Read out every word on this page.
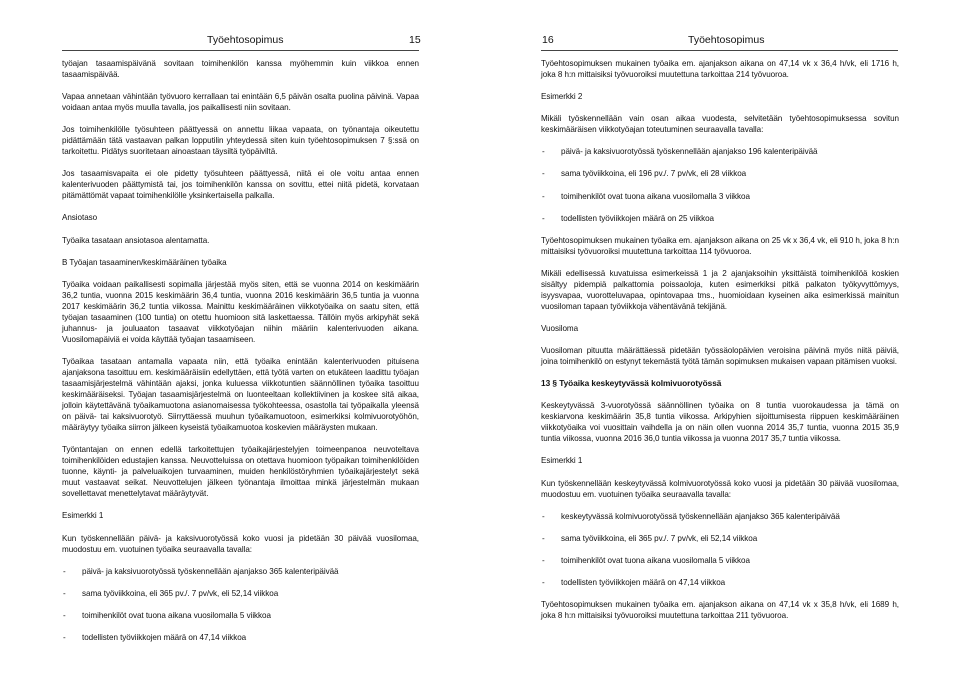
Työehtosopimus	15

työajan tasaamispäivänä sovitaan toimihenkilön kanssa myöhemmin kuin viikkoa ennen tasaamispäivää.

Vapaa annetaan vähintään työvuoro kerrallaan tai enintään 6,5 päivän osalta puolina päivinä. Vapaa voidaan antaa myös muulla tavalla, jos paikallisesti niin sovitaan.

Jos toimihenkilölle työsuhteen päättyessä on annettu liikaa vapaata, on työnantaja oikeutettu pidättämään tätä vastaavan palkan lopputilin yhteydessä siten kuin työehtosopimuksen 7 §:ssä on tarkoitettu. Pidätys suoritetaan ainoastaan täysiltä työpäiviltä.

Jos tasaamisvapaita ei ole pidetty työsuhteen päättyessä, niitä ei ole voitu antaa ennen kalenterivuoden päättymistä tai, jos toimihenkilön kanssa on sovittu, ettei niitä pidetä, korvataan pitämättömät vapaat toimihenkilölle yksinkertaisella palkalla.

Ansiotaso

Työaika tasataan ansiotasoa alentamatta.

B Työajan tasaaminen/keskimääräinen työaika

Työaika voidaan paikallisesti sopimalla järjestää myös siten, että se vuonna 2014 on keskimäärin 36,2 tuntia, vuonna 2015 keskimäärin 36,4 tuntia, vuonna 2016 keskimäärin 36,5 tuntia ja vuonna 2017 keskimäärin 36,2 tuntia viikossa. Mainittu keskimääräinen viikkotyöaika on saatu siten, että työajan tasaaminen (100 tuntia) on otettu huomioon sitä laskettaessa. Tällöin myös arkipyhät sekä juhannus- ja jouluaaton tasaavat viikkotyöajan niihin määriin kalenterivuoden aikana. Vuosilomapäiviä ei voida käyttää työajan tasaamiseen.

Työaikaa tasataan antamalla vapaata niin, että työaika enintään kalenterivuoden pituisena ajanjaksona tasoittuu em. keskimääräisiin edellyttäen, että työtä varten on etukäteen laadittu työajan tasaamisjärjestelmä vähintään ajaksi, jonka kuluessa viikkotuntien säännöllinen työaika tasoittuu keskimääräiseksi. Työajan tasaamisjärjestelmä on luonteeltaan kollektiivinen ja koskee sitä aikaa, jolloin käytettävänä työaikamuotona asianomaisessa työkohteessa, osastolla tai työpaikalla yleensä on päivä- tai kaksivuorotyö. Siirryttäessä muuhun työaikamuotoon, esimerkiksi kolmivuorotyöhön, määräytyy työaika siirron jälkeen kyseistä työaikamuotoa koskevien määräysten mukaan.

Työntantajan on ennen edellä tarkoitettujen työaikajärjestelyjen toimeenpanoa neuvoteltava toimihenkilöiden edustajien kanssa. Neuvotteluissa on otettava huomioon työpaikan toimihenkilöiden tuonne, käynti- ja palveluaikojen turvaaminen, muiden henkilöstöryhmien työaikajärjestelyt sekä muut vastaavat seikat. Neuvottelujen jälkeen työnantaja ilmoittaa minkä järjestelmän mukaan sovellettavat menettelytavat määräytyvät.

Esimerkki 1

Kun työskennellään päivä- ja kaksivuorotyössä koko vuosi ja pidetään 30 päivää vuosilomaa, muodostuu em. vuotuinen työaika seuraavalla tavalla:

- päivä- ja kaksivuorotyössä työskennellään ajanjakso 365 kalenteripäivää
- sama työviikkoina, eli 365 pv./. 7 pv/vk, eli 52,14 viikkoa
- toimihenkilöt ovat tuona aikana vuosilomalla 5 viikkoa
- todellisten työviikkojen määrä on 47,14 viikkoa
16	Työehtosopimus

Työehtosopimuksen mukainen työaika em. ajanjakson aikana on 47,14 vk x 36,4 h/vk, eli 1716 h, joka 8 h:n mittaisiksi työvuoroiksi muutettuna tarkoittaa 214 työvuoroa.

Esimerkki 2

Mikäli työskennellään vain osan aikaa vuodesta, selvitetään työehtosopimuksessa sovitun keskimääräisen viikkotyöajan toteutuminen seuraavalla tavalla:

- päivä- ja kaksivuorotyössä työskennellään ajanjakso 196 kalenteripäivää
- sama työviikkoina, eli 196 pv./. 7 pv/vk, eli 28 viikkoa
- toimihenkilöt ovat tuona aikana vuosilomalla 3 viikkoa
- todellisten työviikkojen määrä on 25 viikkoa

Työehtosopimuksen mukainen työaika em. ajanjakson aikana on 25 vk x 36,4 vk, eli 910 h, joka 8 h:n mittaisiksi työvuoroiksi muutettuna tarkoittaa 114 työvuoroa.

Mikäli edellisessä kuvatuissa esimerkeissä 1 ja 2 ajanjaksoihin yksittäistä toimihenkilöä koskien sisältyy pidempiä palkattomia poissaoloja, kuten esimerkiksi pitkä palkaton työkyvyttömyys, isyysvapaa, vuorotteluvapaa, opintovapaa tms., huomioidaan kyseinen aika esimerkissä mainitun vuosiloman tapaan työviikkoja vähentävänä tekijänä.

Vuosiloma

Vuosiloman pituutta määrättäessä pidetään työssäolopäivien veroisina päivinä myös niitä päiviä, joina toimihenkilö on estynyt tekemästä työtä tämän sopimuksen mukaisen vapaan pitämisen vuoksi.

13 § Työaika keskeytyvässä kolmivuorotyössä

Keskeytyvässä 3-vuorotyössä säännöllinen työaika on 8 tuntia vuorokaudessa ja tämä on keskiarvona keskimäärin 35,8 tuntia viikossa. Arkipyhien sijoittumisesta riippuen keskimääräinen viikkotyöaika voi vuosittain vaihdella ja on näin ollen vuonna 2014 35,7 tuntia, vuonna 2015 35,9 tuntia viikossa, vuonna 2016 36,0 tuntia viikossa ja vuonna 2017 35,7 tuntia viikossa.

Esimerkki 1

Kun työskennellään keskeytyvässä kolmivuorotyössä koko vuosi ja pidetään 30 päivää vuosilomaa, muodostuu em. vuotuinen työaika seuraavalla tavalla:

- keskeytyvässä kolmivuorotyössä työskennellään ajanjakso 365 kalenteripäivää
- sama työviikkoina, eli 365 pv./. 7 pv/vk, eli 52,14 viikkoa
- toimihenkilöt ovat tuona aikana vuosilomalla 5 viikkoa
- todellisten työviikkojen määrä on 47,14 viikkoa

Työehtosopimuksen mukainen työaika em. ajanjakson aikana on 47,14 vk x 35,8 h/vk, eli 1689 h, joka 8 h:n mittaisiksi työvuoroiksi muutettuna tarkoittaa 211 työvuoroa.
